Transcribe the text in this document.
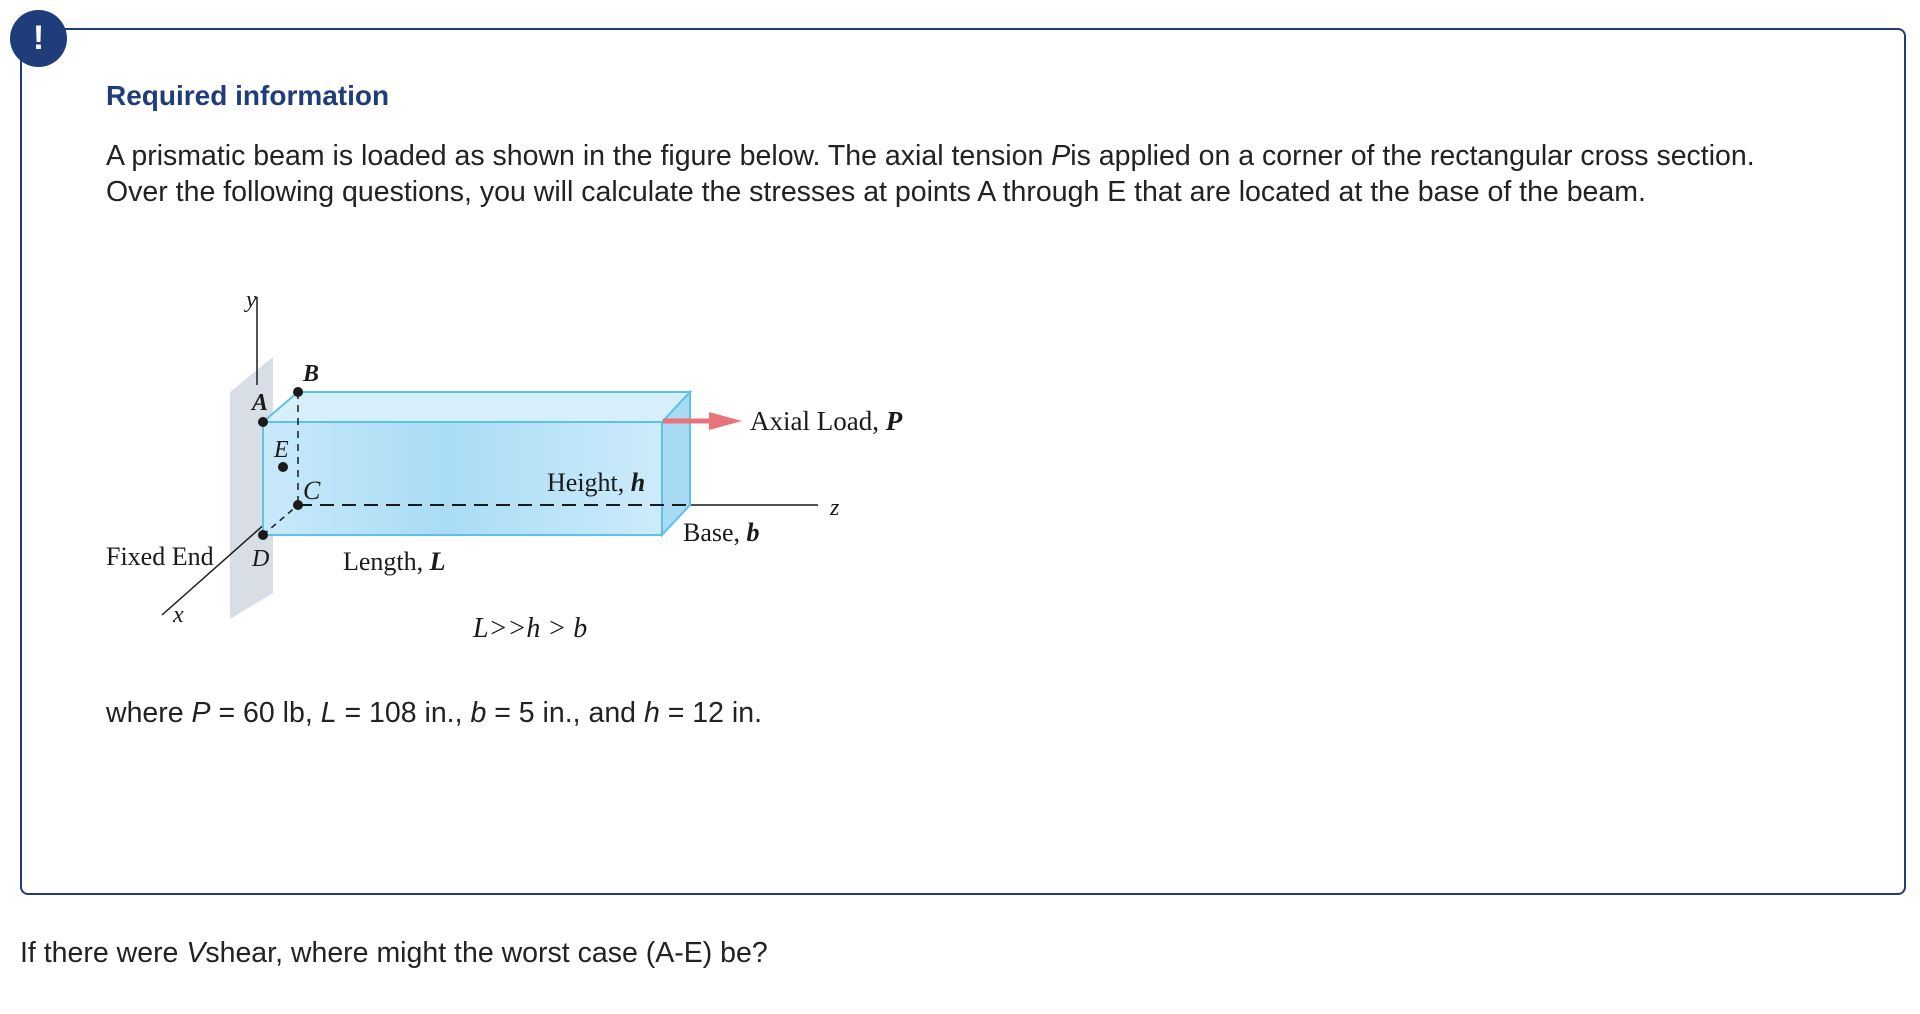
!
Required information

A prismatic beam is loaded as shown in the figure below. The axial tension Pis applied on a corner of the rectangular cross section. Over the following questions, you will calculate the stresses at points A through E that are located at the base of the beam.

y
x
z
B
A
E
C
D
Fixed End	Length, L
Height, h
Base, b
Axial Load, P
L>>h > b

where P = 60 lb, L = 108 in., b = 5 in., and h = 12 in.

If there were Vshear, where might the worst case (A-E) be?
